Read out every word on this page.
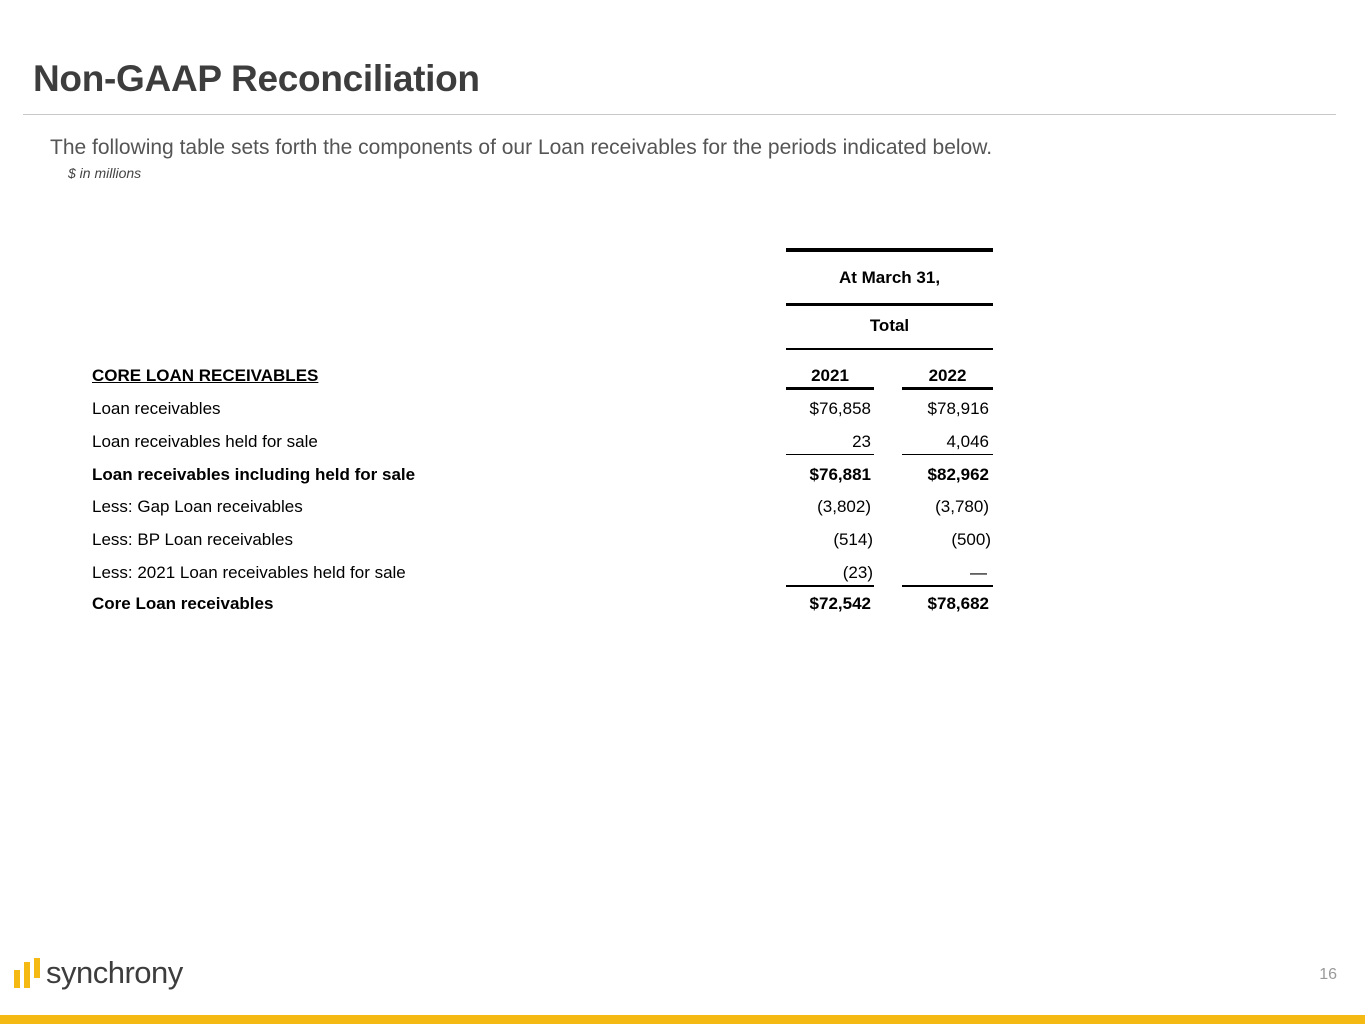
Non-GAAP Reconciliation
The following table sets forth the components of our Loan receivables for the periods indicated below.
$ in millions
At March 31,
Total
CORE LOAN RECEIVABLES	2021	2022
Loan receivables	$76,858	$78,916
Loan receivables held for sale	23	4,046
Loan receivables including held for sale	$76,881	$82,962
Less: Gap Loan receivables	(3,802)	(3,780)
Less: BP Loan receivables	(514)	(500)
Less: 2021 Loan receivables held for sale	(23)	—
Core Loan receivables	$72,542	$78,682
synchrony	16
